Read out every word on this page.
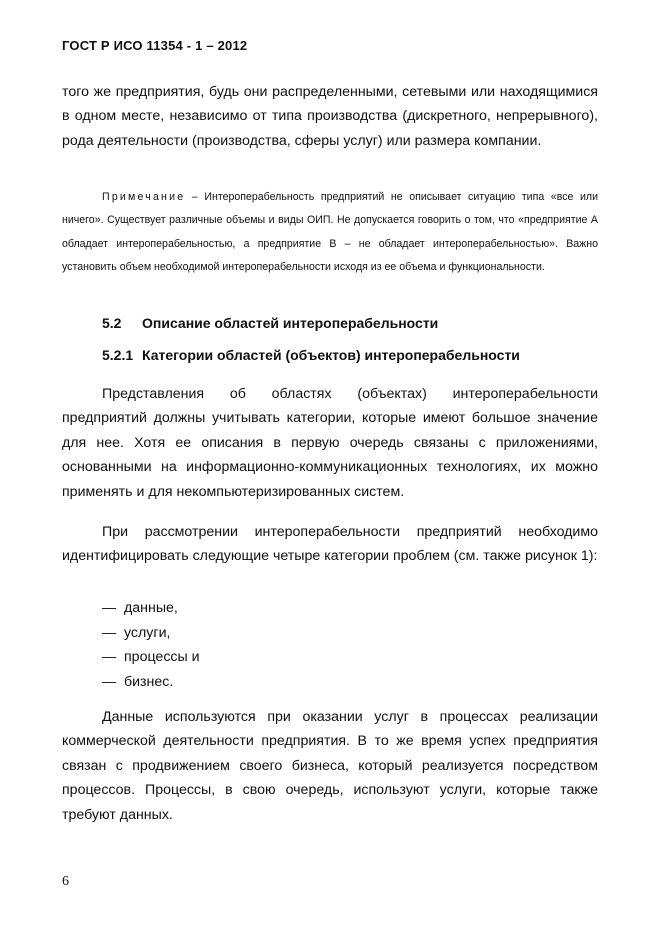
ГОСТ Р ИСО 11354 - 1 – 2012

того же предприятия, будь они распределенными, сетевыми или находящимися в одном месте, независимо от типа производства (дискретного, непрерывного), рода деятельности (производства, сферы услуг) или размера компании.

Примечание – Интероперабельность предприятий не описывает ситуацию типа «все или ничего». Существует различные объемы и виды ОИП. Не допускается говорить о том, что «предприятие А обладает интероперабельностью, а предприятие В – не обладает интероперабельностью». Важно установить объем необходимой интероперабельности исходя из ее объема и функциональности.

5.2 Описание областей интероперабельности
5.2.1 Категории областей (объектов) интероперабельности

Представления об областях (объектах) интероперабельности предприятий должны учитывать категории, которые имеют большое значение для нее. Хотя ее описания в первую очередь связаны с приложениями, основанными на информационно-коммуникационных технологиях, их можно применять и для некомпьютеризированных систем.

При рассмотрении интероперабельности предприятий необходимо идентифицировать следующие четыре категории проблем (см. также рисунок 1):

— данные,
— услуги,
— процессы и
— бизнес.

Данные используются при оказании услуг в процессах реализации коммерческой деятельности предприятия. В то же время успех предприятия связан с продвижением своего бизнеса, который реализуется посредством процессов. Процессы, в свою очередь, используют услуги, которые также требуют данных.

6
